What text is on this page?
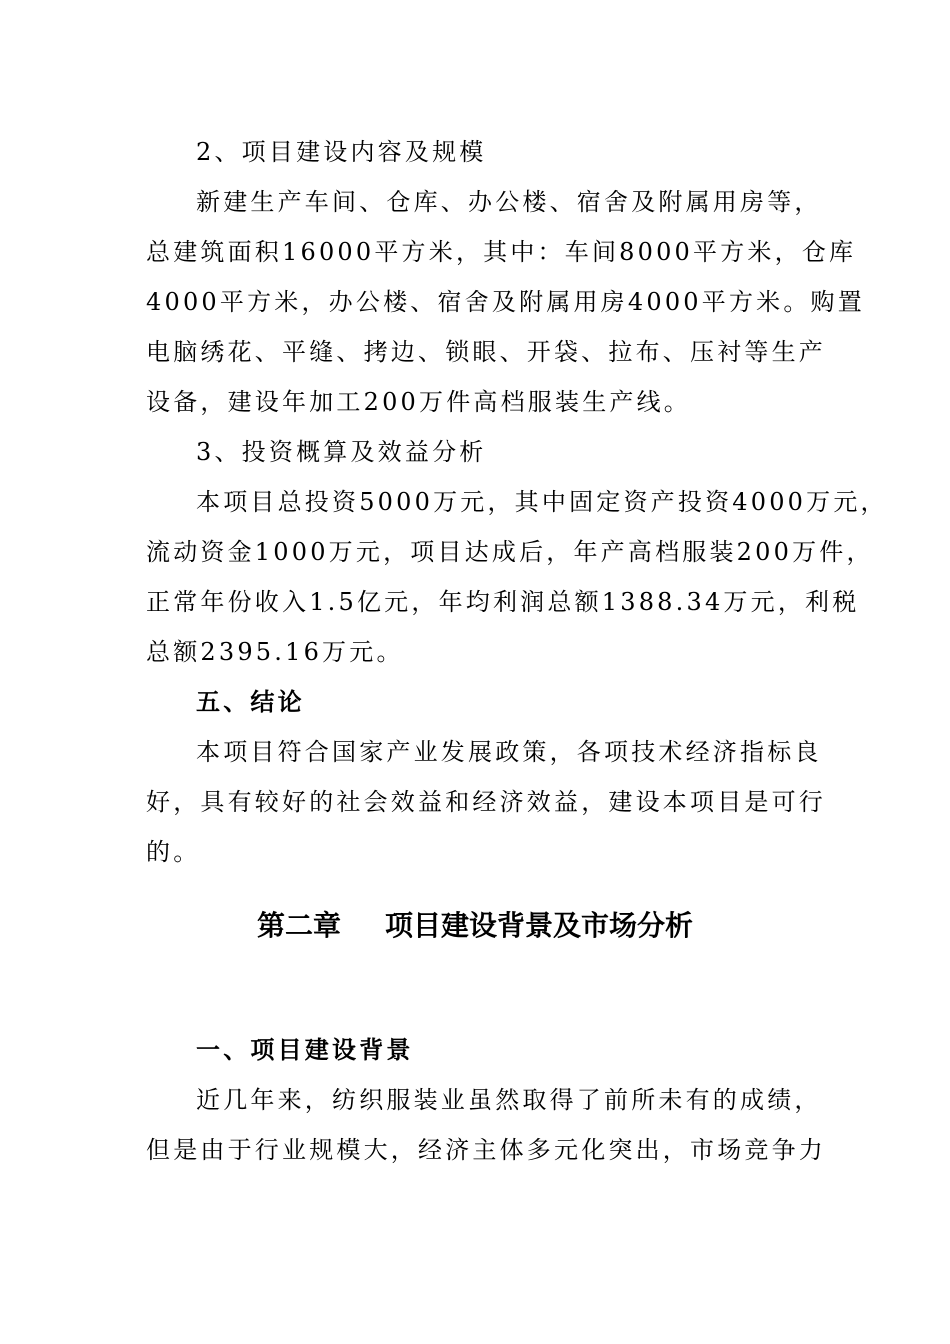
2、项目建设内容及规模
新建生产车间、仓库、办公楼、宿舍及附属用房等，
总建筑面积16000平方米，其中：车间8000平方米，仓库
4000平方米，办公楼、宿舍及附属用房4000平方米。购置
电脑绣花、平缝、拷边、锁眼、开袋、拉布、压衬等生产
设备，建设年加工200万件高档服装生产线。
3、投资概算及效益分析
本项目总投资5000万元，其中固定资产投资4000万元，
流动资金1000万元，项目达成后，年产高档服装200万件，
正常年份收入1.5亿元，年均利润总额1388.34万元，利税
总额2395.16万元。
五、结论
本项目符合国家产业发展政策，各项技术经济指标良
好，具有较好的社会效益和经济效益，建设本项目是可行
的。
第二章 项目建设背景及市场分析
一、项目建设背景
近几年来，纺织服装业虽然取得了前所未有的成绩，
但是由于行业规模大，经济主体多元化突出，市场竞争力
